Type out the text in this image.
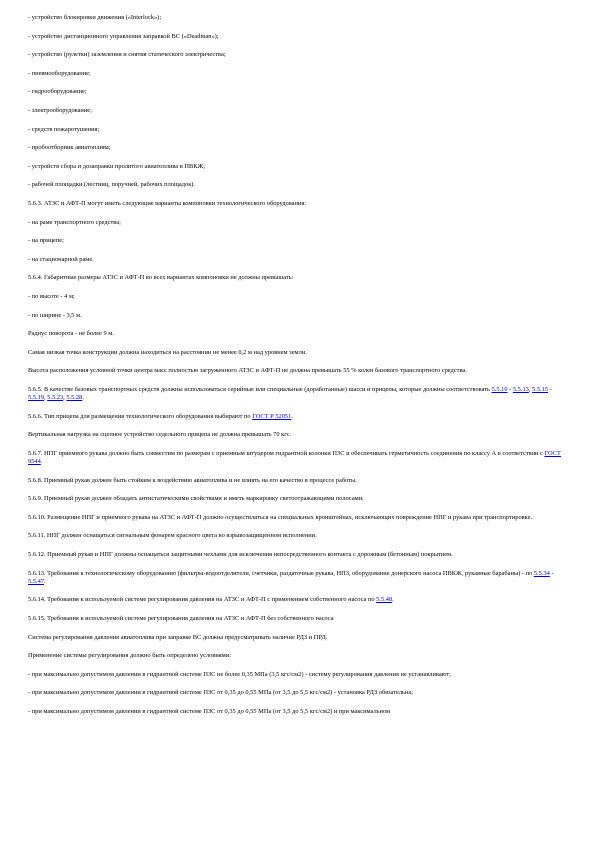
- устройство блокировки движения («Interlock»);

- устройство дистанционного управления заправкой ВС («Deadman»);

- устройство (рулетки) заземления и снятия статического электричества;

- пневмооборудование;

- гидрооборудование;

- электрооборудование;

- средств пожаротушения;

- пробоотборник авиатоплива;

- устройств сбора и дозаправки пролитого авиатоплива в ПВКЖ;

- рабочей площадки (лестниц, поручней, рабочих площадок).

5.6.3. АТЗС и АФТ-П могут иметь следующие варианты компоновки технологического оборудования:

- на раме транспортного средства;

- на прицепе;

- на стационарной раме.

5.6.4. Габаритные размеры АТЗС и АФТ-П во всех вариантах компоновки не должны превышать:

- по высоте - 4 м;

- по ширине - 3,5 м.

Радиус поворота - не более 9 м.

Самая низкая точка конструкции должна находиться на расстоянии не менее 0,2 м над уровнем земли.

Высота расположения условной точки центра масс полностью загруженного АТЗС и АФТ-П не должна превышать 55 % колеи базового транспортного средства.

5.6.5. В качестве базовых транспортных средств должны использоваться серийные или специальные (доработанные) шасси и прицепы, которые должны соответствовать 5.5.10 - 5.5.13, 5.5.15 - 5.5.19, 5.5.23, 5.5.28.

5.6.6. Тип прицепа для размещения технологического оборудования выбирают по ГОСТ Р 52051.

Вертикальная нагрузка на сцепное устройство седельного прицепа не должна превышать 70 кгс.

5.6.7. НПГ приемного рукава должно быть совместим по размерам с приемным штуцером гидрантной колонки ПЗС и обеспечивать герметичность соединения по классу А в соответствии с ГОСТ 9544.

5.6.8. Приемный рукав должен быть стойким к воздействию авиатоплива и не влиять на его качество в процессе работы.

5.6.9. Приемный рукав должен обладать антистатическими свойствами и иметь маркировку светоотражающими полосами.

5.6.10. Размещение НПГ и приемного рукава на АТЗС и АФТ-П должно осуществляться на специальных кронштейнах, исключающих повреждение НПГ и рукава при транспортировке.

5.6.11. НПГ должен оснащаться сигнальным фонарем красного цвета во взрывозащищенном исполнении.

5.6.12. Приемный рукав и НПГ должны оснащаться защитными чехлами для исключения непосредственного контакта с дорожным (бетонным) покрытием.

5.6.13. Требования к технологическому оборудованию (фильтры-водоотделители, счетчики, раздаточные рукава, НПЗ, оборудование донерского насоса ПВКЖ, рукавные барабаны) - по 5.5.34 - 5.5.47.

5.6.14. Требования к используемой системе регулирования давления на АТЗС и АФТ-П с применением собственного насоса по 5.5.48.

5.6.15. Требования к используемой системе регулирования давления на АТЗС и АФТ-П без собственного насоса

Система регулирования давления авиатоплива при заправке ВС должна предусматривать наличие РДЗ и ПРД.

Применение системы регулирования должно быть определено условиями:

- при максимально допустимом давлении в гидрантной системе ПЗС не более 0,35 МПа (3,5 кгс/см2) - систему регулирования давления не устанавливают;

- при максимально допустимом давлении в гидрантной системе ПЗС от 0,35 до 0,55 МПа (от 3,5 до 5,5 кгс/см2) - установка РДЗ обязательна;

- при максимально допустимом давлении в гидрантной системе ПЗС от 0,35 до 0,55 МПа (от 3,5 до 5,5 кгс/см2) и при максимальном
